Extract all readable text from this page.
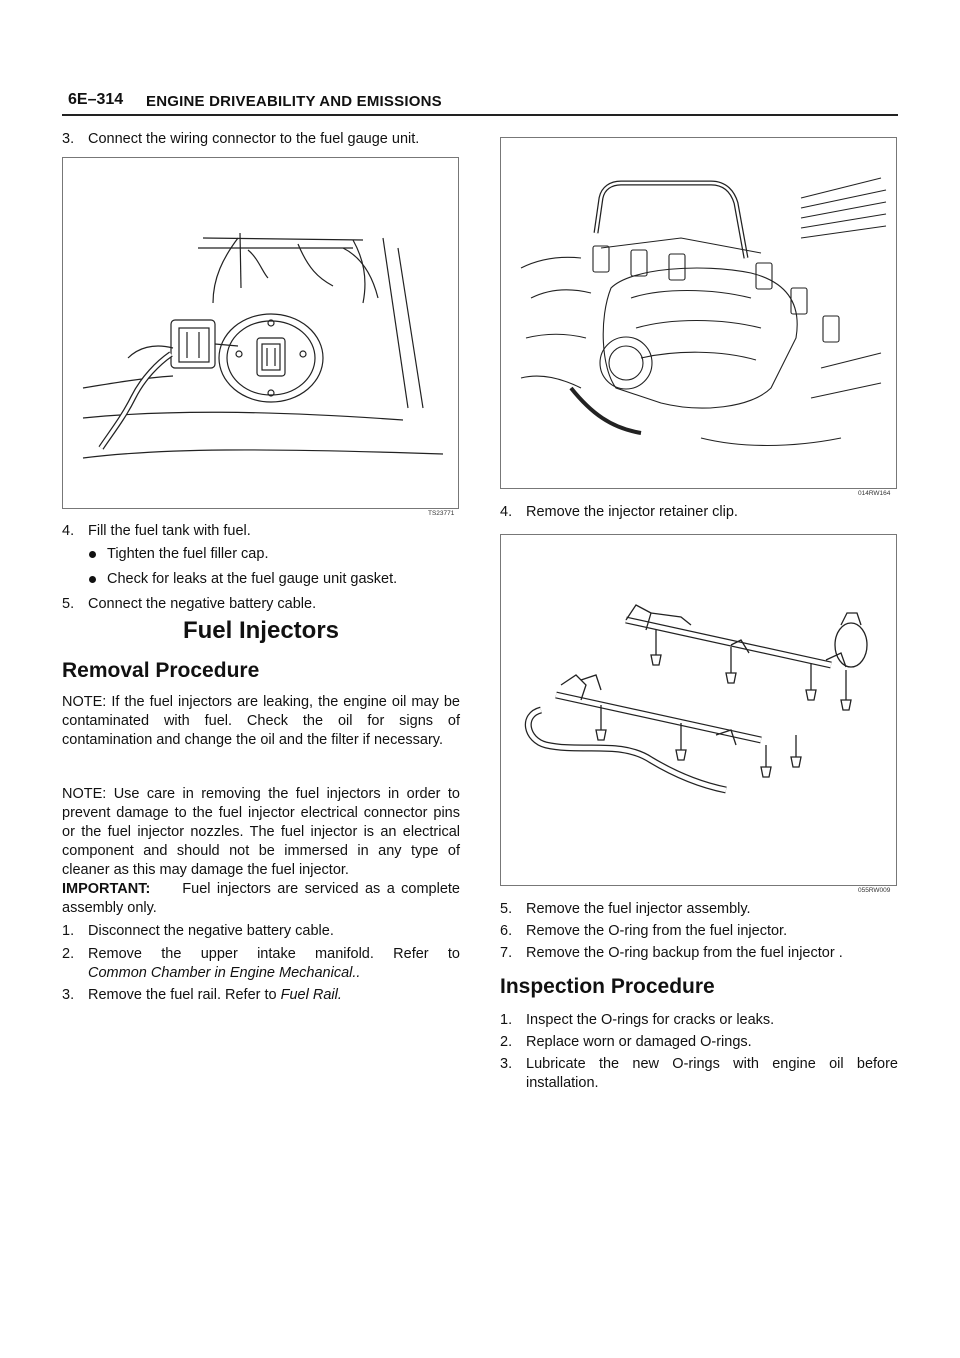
6E–314 ENGINE DRIVEABILITY AND EMISSIONS
3. Connect the wiring connector to the fuel gauge unit.
TS23771
4. Fill the fuel tank with fuel.
Tighten the fuel filler cap.
Check for leaks at the fuel gauge unit gasket.
5. Connect the negative battery cable.
Fuel Injectors
Removal Procedure
NOTE: If the fuel injectors are leaking, the engine oil may be contaminated with fuel. Check the oil for signs of contamination and change the oil and the filter if necessary.
NOTE: Use care in removing the fuel injectors in order to prevent damage to the fuel injector electrical connector pins or the fuel injector nozzles. The fuel injector is an electrical component and should not be immersed in any type of cleaner as this may damage the fuel injector.
IMPORTANT: Fuel injectors are serviced as a complete assembly only.
1. Disconnect the negative battery cable.
2. Remove the upper intake manifold. Refer to
Common Chamber in Engine Mechanical..
3. Remove the fuel rail. Refer to Fuel Rail.
014RW164
4. Remove the injector retainer clip.
055RW009
5. Remove the fuel injector assembly.
6. Remove the O-ring from the fuel injector.
7. Remove the O-ring backup from the fuel injector .
Inspection Procedure
1. Inspect the O-rings for cracks or leaks.
2. Replace worn or damaged O-rings.
3. Lubricate the new O-rings with engine oil before
installation.
